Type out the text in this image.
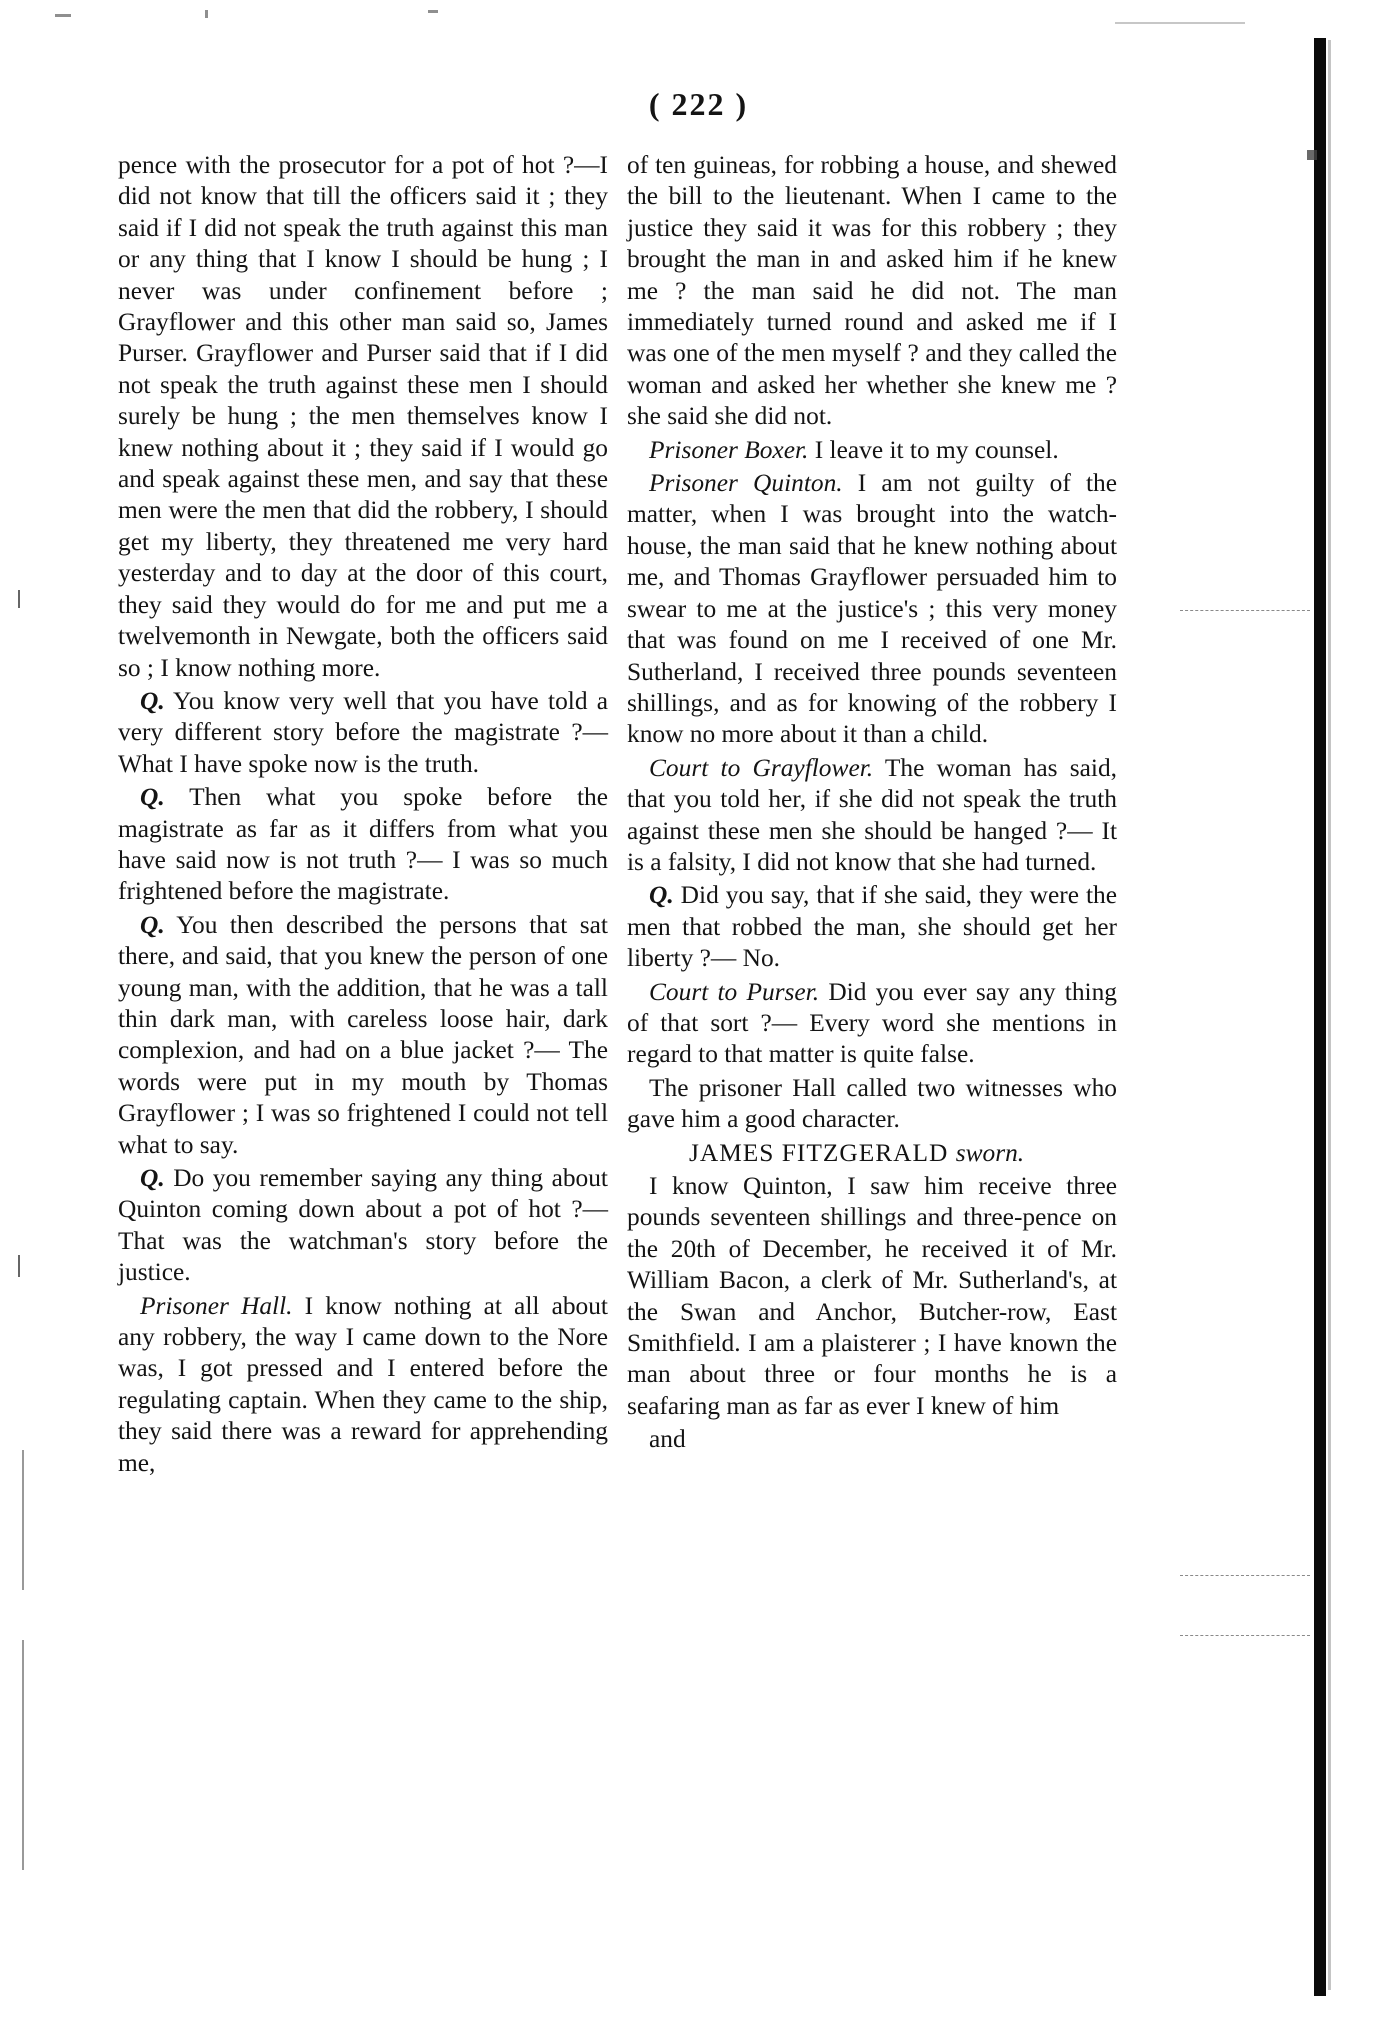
( 222 )

pence with the prosecutor for a pot of hot ?—I did not know that till the officers said it ; they said if I did not speak the truth against this man or any thing that I know I should be hung ; I never was under confinement before ; Grayflower and this other man said so, James Purser. Grayflower and Purser said that if I did not speak the truth against these men I should surely be hung ; the men themselves know I knew nothing about it ; they said if I would go and speak against these men, and say that these men were the men that did the robbery, I should get my liberty, they threatened me very hard yesterday and to day at the door of this court, they said they would do for me and put me a twelvemonth in Newgate, both the officers said so ; I know nothing more.

Q. You know very well that you have told a very different story before the magistrate ?— What I have spoke now is the truth.

Q. Then what you spoke before the magistrate as far as it differs from what you have said now is not truth ?— I was so much frightened before the magistrate.

Q. You then described the persons that sat there, and said, that you knew the person of one young man, with the addition, that he was a tall thin dark man, with careless loose hair, dark complexion, and had on a blue jacket ?— The words were put in my mouth by Thomas Grayflower ; I was so frightened I could not tell what to say.

Q. Do you remember saying any thing about Quinton coming down about a pot of hot ?— That was the watchman's story before the justice.

Prisoner Hall. I know nothing at all about any robbery, the way I came down to the Nore was, I got pressed and I entered before the regulating captain. When they came to the ship, they said there was a reward for apprehending me,

of ten guineas, for robbing a house, and shewed the bill to the lieutenant. When I came to the justice they said it was for this robbery ; they brought the man in and asked him if he knew me ? the man said he did not. The man immediately turned round and asked me if I was one of the men myself ? and they called the woman and asked her whether she knew me ? she said she did not.

Prisoner Boxer. I leave it to my counsel.

Prisoner Quinton. I am not guilty of the matter, when I was brought into the watch-house, the man said that he knew nothing about me, and Thomas Grayflower persuaded him to swear to me at the justice's ; this very money that was found on me I received of one Mr. Sutherland, I received three pounds seventeen shillings, and as for knowing of the robbery I know no more about it than a child.

Court to Grayflower. The woman has said, that you told her, if she did not speak the truth against these men she should be hanged ?— It is a falsity, I did not know that she had turned.

Q. Did you say, that if she said, they were the men that robbed the man, she should get her liberty ?— No.

Court to Purser. Did you ever say any thing of that sort ?— Every word she mentions in regard to that matter is quite false.

The prisoner Hall called two witnesses who gave him a good character.

JAMES FITZGERALD sworn.

I know Quinton, I saw him receive three pounds seventeen shillings and three-pence on the 20th of December, he received it of Mr. William Bacon, a clerk of Mr. Sutherland's, at the Swan and Anchor, Butcher-row, East Smithfield. I am a plaisterer ; I have known the man about three or four months he is a seafaring man as far as ever I knew of him

and
